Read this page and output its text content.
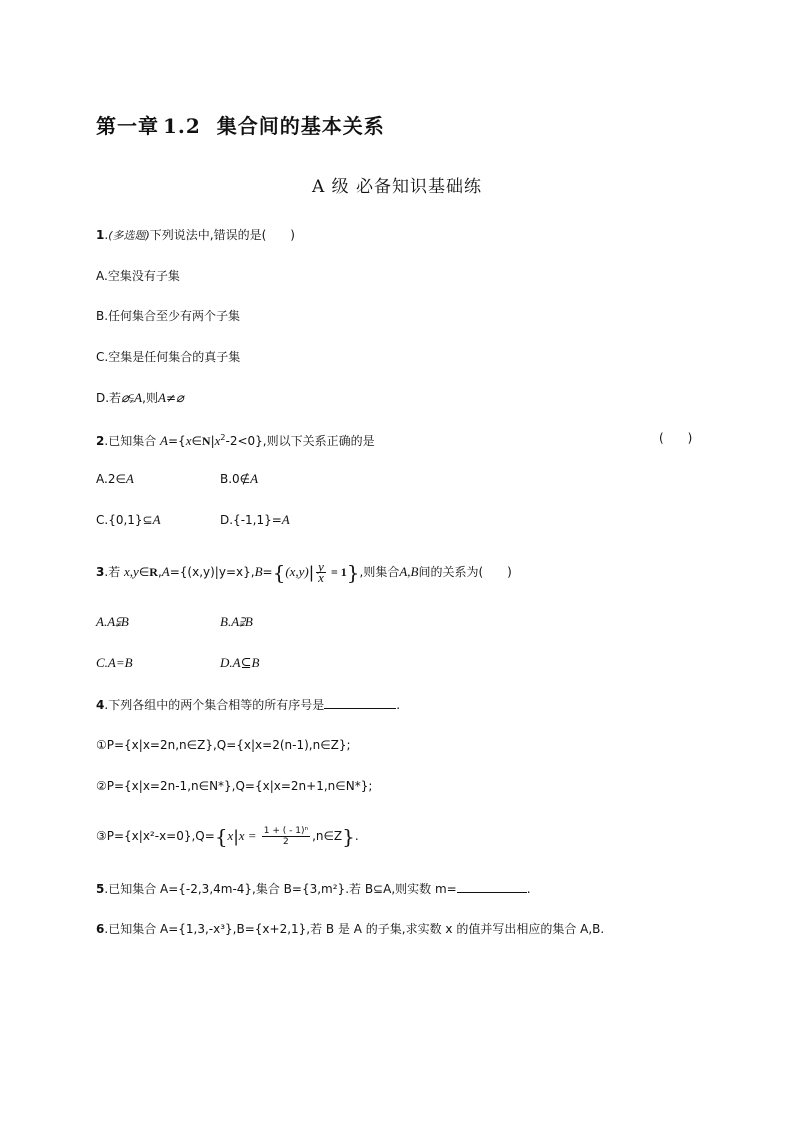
第一章 1.2 集合间的基本关系
A 级 必备知识基础练
1.(多选题)下列说法中,错误的是(　　)
A.空集没有子集
B.任何集合至少有两个子集
C.空集是任何集合的真子集
D.若⌀⫋A,则A≠⌀
2.已知集合 $A=\{x\in N|x^2-2<0\}$,则以下关系正确的是	(　　)
A.2∈A	B.0∉A
C.{0,1}⊆A	D.{-1,1}=A
3.若 x,y∈R,A={(x,y)|y=x},B={(x,y)| $\frac{y}{x} = 1$},则集合A,B间的关系为(　　)
A.A⫋B	B.A⫌B
C.A=B	D.A⊆B
4.下列各组中的两个集合相等的所有序号是	.
①P={x|x=2n,n∈Z},Q={x|x=2(n-1),n∈Z};
②P={x|x=2n-1,n∈N*},Q={x|x=2n+1,n∈N*};
③P={x|x²-x=0},Q={x|x = $\frac{\text{1 + ( - 1)ⁿ}}{2}$ ,n∈Z}.
5.已知集合 A={-2,3,4m-4},集合 B={3,m²}.若 B⊆A,则实数 m=	.
6.已知集合 A={1,3,-x³},B={x+2,1},若 B 是 A 的子集,求实数 x 的值并写出相应的集合 A,B.
